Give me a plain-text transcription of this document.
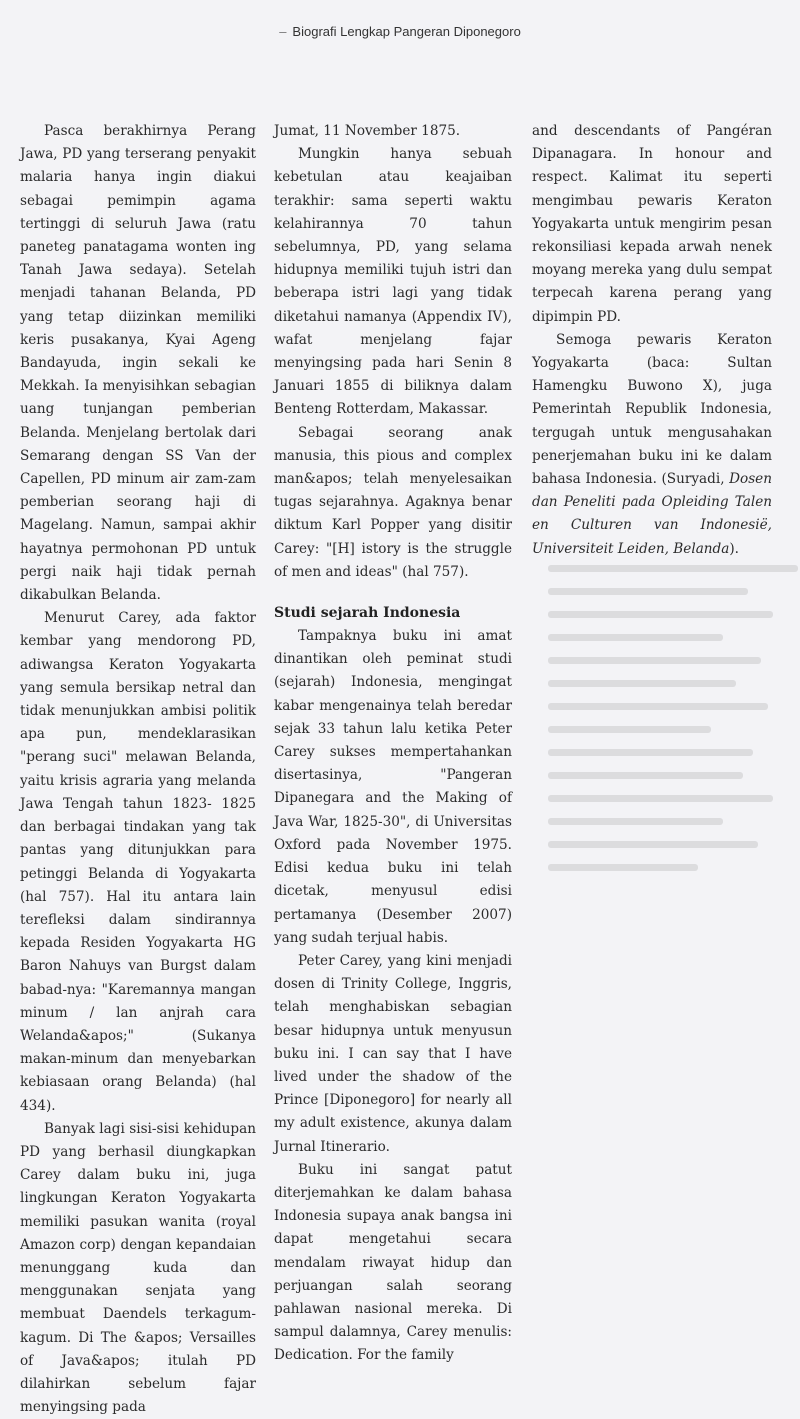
– Biografi Lengkap Pangeran Diponegoro

Pasca berakhirnya Perang Jawa, PD yang terserang penyakit malaria hanya ingin diakui sebagai pemimpin agama tertinggi di seluruh Jawa (ratu paneteg panatagama wonten ing Tanah Jawa sedaya). Setelah menjadi tahanan Belanda, PD yang tetap diizinkan memiliki keris pusakanya, Kyai Ageng Bandayuda, ingin sekali ke Mekkah. Ia menyisihkan sebagian uang tunjangan pemberian Belanda. Menjelang bertolak dari Semarang dengan SS Van der Capellen, PD minum air zam-zam pemberian seorang haji di Magelang. Namun, sampai akhir hayatnya permohonan PD untuk pergi naik haji tidak pernah dikabulkan Belanda.

Menurut Carey, ada faktor kembar yang mendorong PD, adiwangsa Keraton Yogyakarta yang semula bersikap netral dan tidak menunjukkan ambisi politik apa pun, mendeklarasikan "perang suci" melawan Belanda, yaitu krisis agraria yang melanda Jawa Tengah tahun 1823- 1825 dan berbagai tindakan yang tak pantas yang ditunjukkan para petinggi Belanda di Yogyakarta (hal 757). Hal itu antara lain terefleksi dalam sindirannya kepada Residen Yogyakarta HG Baron Nahuys van Burgst dalam babad-nya: "Karemannya mangan minum / lan anjrah cara Welanda&apos;" (Sukanya makan-minum dan menyebarkan kebiasaan orang Belanda) (hal 434).

Banyak lagi sisi-sisi kehidupan PD yang berhasil diungkapkan Carey dalam buku ini, juga lingkungan Keraton Yogyakarta memiliki pasukan wanita (royal Amazon corp) dengan kepandaian menunggang kuda dan menggunakan senjata yang membuat Daendels terkagum-kagum. Di The &apos; Versailles of Java&apos; itulah PD dilahirkan sebelum fajar menyingsing pada

Jumat, 11 November 1875.

Mungkin hanya sebuah kebetulan atau keajaiban terakhir: sama seperti waktu kelahirannya 70 tahun sebelumnya, PD, yang selama hidupnya memiliki tujuh istri dan beberapa istri lagi yang tidak diketahui namanya (Appendix IV), wafat menjelang fajar menyingsing pada hari Senin 8 Januari 1855 di biliknya dalam Benteng Rotterdam, Makassar.

Sebagai seorang anak manusia, this pious and complex man&apos; telah menyelesaikan tugas sejarahnya. Agaknya benar diktum Karl Popper yang disitir Carey: "[H] istory is the struggle of men and ideas" (hal 757).

Studi sejarah Indonesia

Tampaknya buku ini amat dinantikan oleh peminat studi (sejarah) Indonesia, mengingat kabar mengenainya telah beredar sejak 33 tahun lalu ketika Peter Carey sukses mempertahankan disertasinya, "Pangeran Dipanegara and the Making of Java War, 1825-30", di Universitas Oxford pada November 1975. Edisi kedua buku ini telah dicetak, menyusul edisi pertamanya (Desember 2007) yang sudah terjual habis.

Peter Carey, yang kini menjadi dosen di Trinity College, Inggris, telah menghabiskan sebagian besar hidupnya untuk menyusun buku ini. I can say that I have lived under the shadow of the Prince [Diponegoro] for nearly all my adult existence, akunya dalam Jurnal Itinerario.

Buku ini sangat patut diterjemahkan ke dalam bahasa Indonesia supaya anak bangsa ini dapat mengetahui secara mendalam riwayat hidup dan perjuangan salah seorang pahlawan nasional mereka. Di sampul dalamnya, Carey menulis: Dedication. For the family

and descendants of Pangéran Dipanagara. In honour and respect. Kalimat itu seperti mengimbau pewaris Keraton Yogyakarta untuk mengirim pesan rekonsiliasi kepada arwah nenek moyang mereka yang dulu sempat terpecah karena perang yang dipimpin PD.

Semoga pewaris Keraton Yogyakarta (baca: Sultan Hamengku Buwono X), juga Pemerintah Republik Indonesia, tergugah untuk mengusahakan penerjemahan buku ini ke dalam bahasa Indonesia. (Suryadi, Dosen dan Peneliti pada Opleiding Talen en Culturen van Indonesië, Universiteit Leiden, Belanda).
